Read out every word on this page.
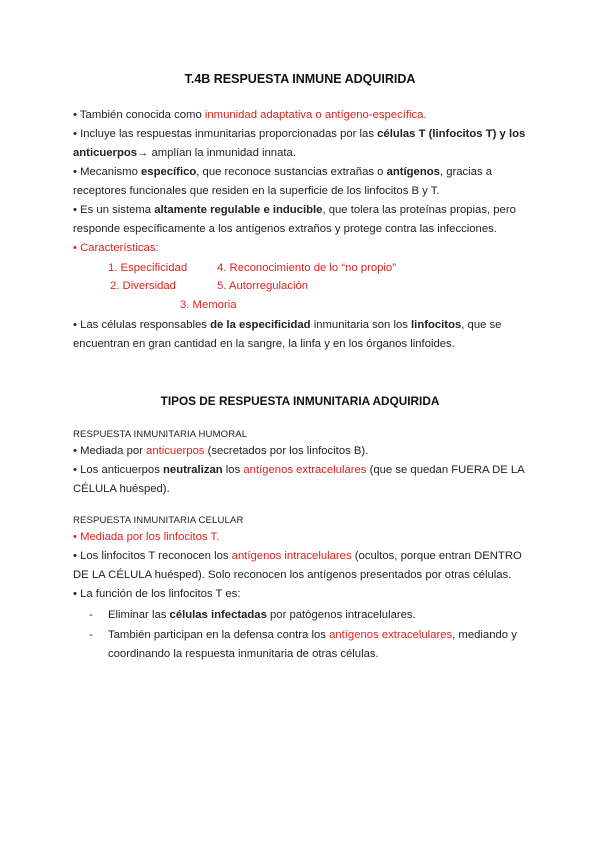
T.4B RESPUESTA INMUNE ADQUIRIDA
• También conocida como inmunidad adaptativa o antígeno-específica.
• Incluye las respuestas inmunitarias proporcionadas por las células T (linfocitos T) y los
anticuerpos→ amplían la inmunidad innata.
• Mecanismo específico, que reconoce sustancias extrañas o antígenos, gracias a
receptores funcionales que residen en la superficie de los linfocitos B y T.
• Es un sistema altamente regulable e inducible, que tolera las proteínas propias, pero
responde específicamente a los antígenos extraños y protege contra las infecciones.
• Características:
1. Especificidad	4. Reconocimiento de lo “no propio”
2. Diversidad	5. Autorregulación
3. Memoria
• Las células responsables de la especificidad inmunitaria son los linfocitos, que se
encuentran en gran cantidad en la sangre, la linfa y en los órganos linfoides.
TIPOS DE RESPUESTA INMUNITARIA ADQUIRIDA
RESPUESTA INMUNITARIA HUMORAL
• Mediada por anticuerpos (secretados por los linfocitos B).
• Los anticuerpos neutralizan los antígenos extracelulares (que se quedan FUERA DE LA
CÉLULA huésped).
RESPUESTA INMUNITARIA CELULAR
• Mediada por los linfocitos T.
• Los linfocitos T reconocen los antígenos intracelulares (ocultos, porque entran DENTRO
DE LA CÉLULA huésped). Solo reconocen los antígenos presentados por otras células.
• La función de los linfocitos T es:
- Eliminar las células infectadas por patógenos intracelulares.
- También participan en la defensa contra los antígenos extracelulares, mediando y
coordinando la respuesta inmunitaria de otras células.
